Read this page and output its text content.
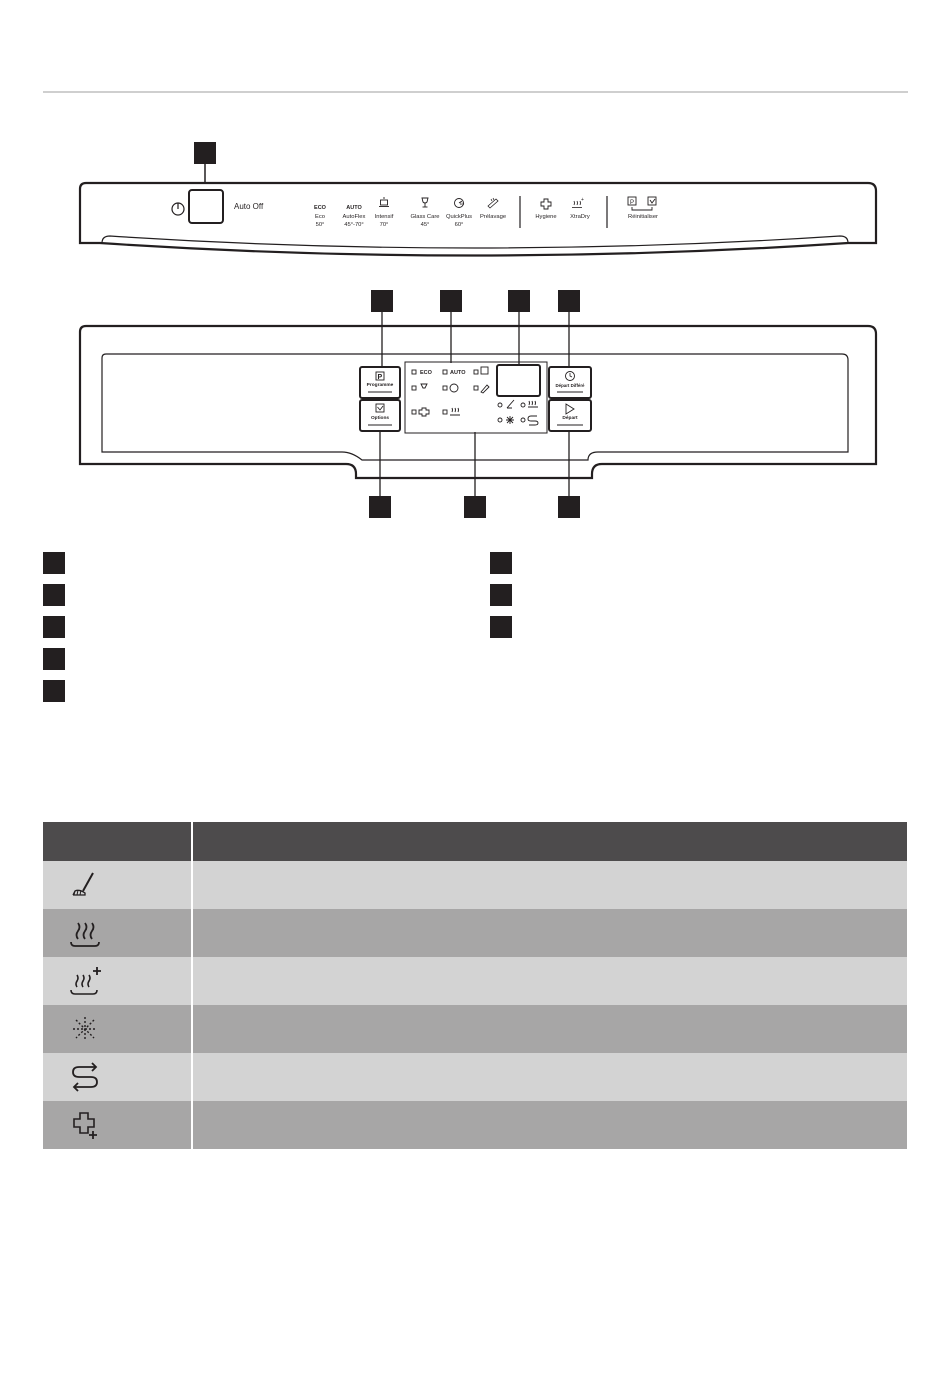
ECO	AUTO
60
+	P
Auto Off
Eco
50°
AutoFlex
45°-70°
Intensif
70°
Glass Care
45°
QuickPlus
60°
Prélavage	Hygiene	XtraDry	Réinitialiser
P
ECO	AUTO
Programme
Options
Départ Différé
Départ
